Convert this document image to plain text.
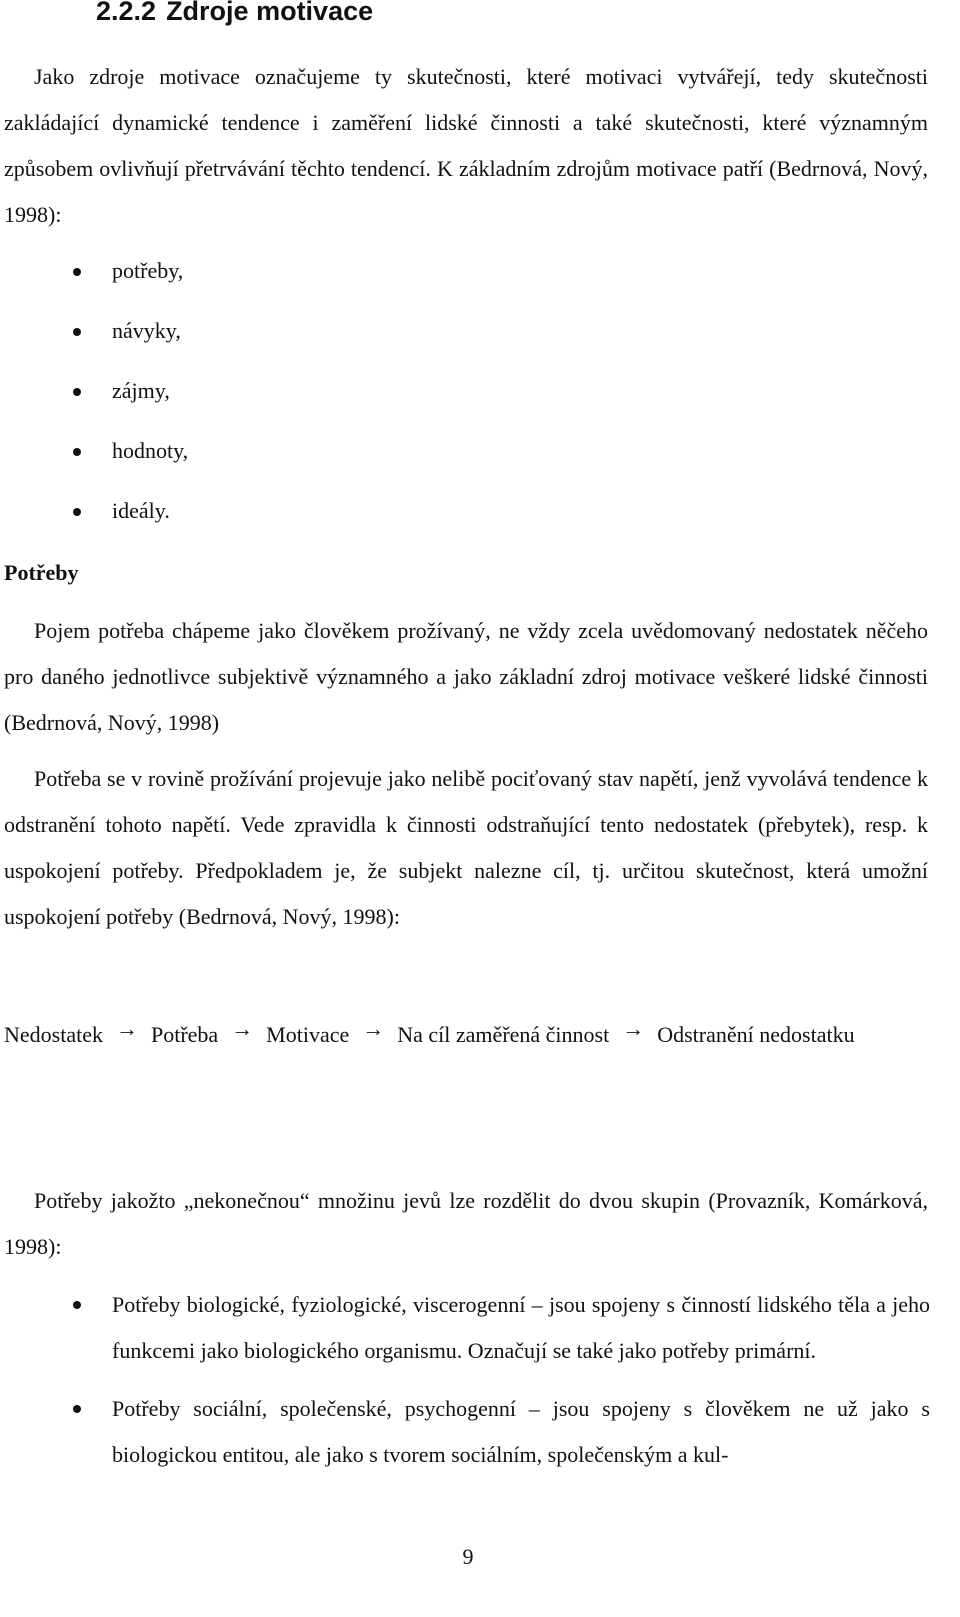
2.2.2 Zdroje motivace

Jako zdroje motivace označujeme ty skutečnosti, které motivaci vytvářejí, tedy skutečnosti zakládající dynamické tendence i zaměření lidské činnosti a také skutečnosti, které významným způsobem ovlivňují přetrvávání těchto tendencí. K základním zdrojům motivace patří (Bedrnová, Nový, 1998):

potřeby,
návyky,
zájmy,
hodnoty,
ideály.

Potřeby

Pojem potřeba chápeme jako člověkem prožívaný, ne vždy zcela uvědomovaný nedostatek něčeho pro daného jednotlivce subjektivě významného a jako základní zdroj motivace veškeré lidské činnosti (Bedrnová, Nový, 1998)

Potřeba se v rovině prožívání projevuje jako nelibě pociťovaný stav napětí, jenž vyvolává tendence k odstranění tohoto napětí. Vede zpravidla k činnosti odstraňující tento nedostatek (přebytek), resp. k uspokojení potřeby. Předpokladem je, že subjekt nalezne cíl, tj. určitou skutečnost, která umožní uspokojení potřeby (Bedrnová, Nový, 1998):

Nedostatek → Potřeba → Motivace → Na cíl zaměřená činnost → Odstranění nedostatku

Potřeby jakožto „nekonečnou“ množinu jevů lze rozdělit do dvou skupin (Provazník, Komárková, 1998):

Potřeby biologické, fyziologické, viscerogenní – jsou spojeny s činností lidského těla a jeho funkcemi jako biologického organismu. Označují se také jako potřeby primární.
Potřeby sociální, společenské, psychogenní – jsou spojeny s člověkem ne už jako s biologickou entitou, ale jako s tvorem sociálním, společenským a kul-
9
